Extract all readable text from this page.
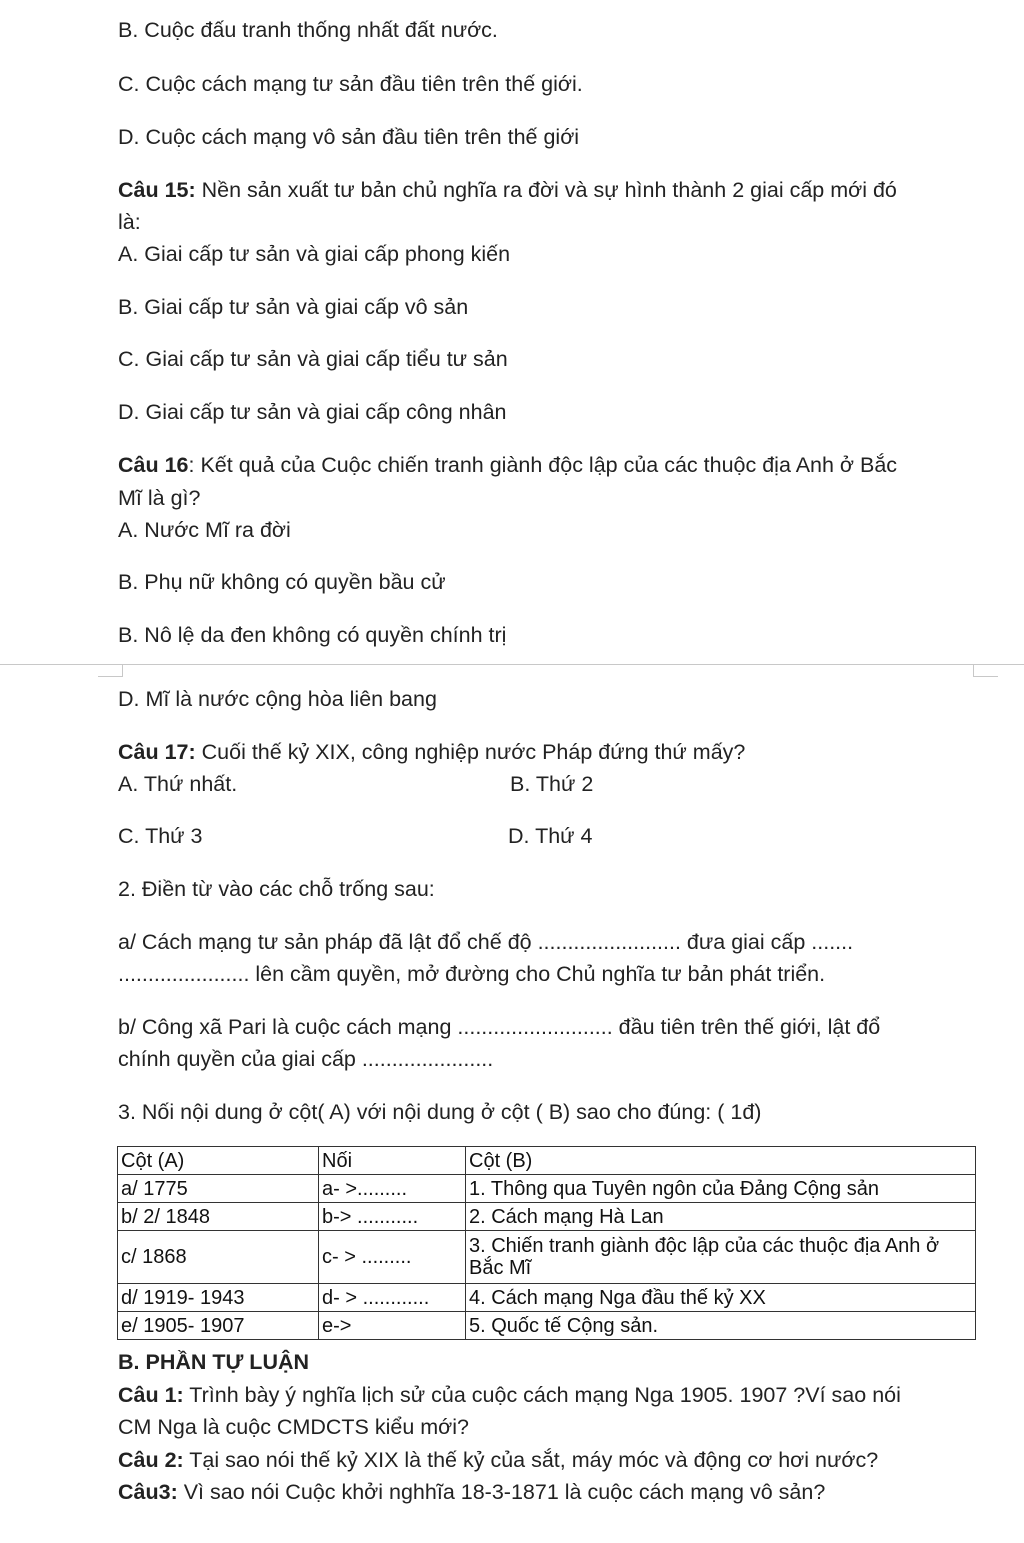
B. Cuộc đấu tranh thống nhất đất nước.
C. Cuộc cách mạng tư sản đầu tiên trên thế giới.
D. Cuộc cách mạng vô sản đầu tiên trên thế giới
Câu 15: Nền sản xuất tư bản chủ nghĩa ra đời và sự hình thành 2 giai cấp mới đó
là:
A. Giai cấp tư sản và giai cấp phong kiến
B. Giai cấp tư sản và giai cấp vô sản
C. Giai cấp tư sản và giai cấp tiểu tư sản
D. Giai cấp tư sản và giai cấp công nhân
Câu 16: Kết quả của Cuộc chiến tranh giành độc lập của các thuộc địa Anh ở Bắc
Mĩ là gì?
A. Nước Mĩ ra đời
B. Phụ nữ không có quyền bầu cử
B. Nô lệ da đen không có quyền chính trị
D. Mĩ là nước cộng hòa liên bang
Câu 17: Cuối thế kỷ XIX, công nghiệp nước Pháp đứng thứ mấy?
A. Thứ nhất.	B. Thứ 2
C. Thứ 3	D. Thứ 4
2. Điền từ vào các chỗ trống sau:
a/ Cách mạng tư sản pháp đã lật đổ chế độ ........................ đưa giai cấp .......
...................... lên cầm quyền, mở đường cho Chủ nghĩa tư bản phát triển.
b/ Công xã Pari là cuộc cách mạng .......................... đầu tiên trên thế giới, lật đổ
chính quyền của giai cấp ......................
3. Nối nội dung ở cột( A) với nội dung ở cột ( B) sao cho đúng: ( 1đ)
Cột (A)	Nối	Cột (B)
a/ 1775	a- >.........	1. Thông qua Tuyên ngôn của Đảng Cộng sản
b/ 2/ 1848	b-> ...........	2. Cách mạng Hà Lan
c/ 1868	c- > .........	3. Chiến tranh giành độc lập của các thuộc địa Anh ở Bắc Mĩ
d/ 1919- 1943	d- > ............	4. Cách mạng Nga đầu thế kỷ XX
e/ 1905- 1907	e->	5. Quốc tế Cộng sản.
B. PHẦN TỰ LUẬN
Câu 1: Trình bày ý nghĩa lịch sử của cuộc cách mạng Nga 1905. 1907 ?Ví sao nói
CM Nga là cuộc CMDCTS kiểu mới?
Câu 2: Tại sao nói thế kỷ XIX là thế kỷ của sắt, máy móc và động cơ hơi nước?
Câu3: Vì sao nói Cuộc khởi nghhĩa 18-3-1871 là cuộc cách mạng vô sản?
